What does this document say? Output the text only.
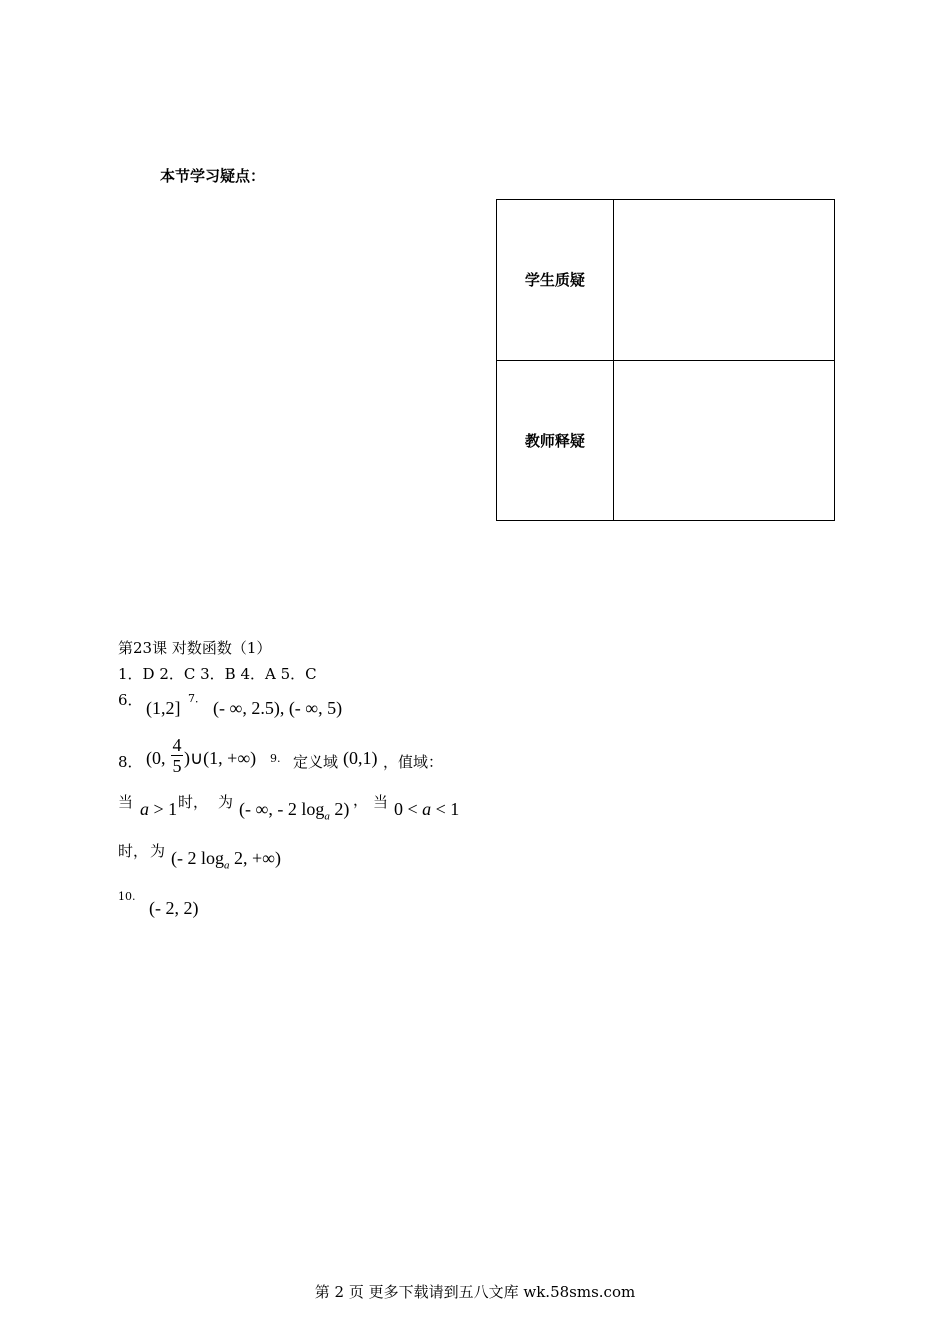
本节学习疑点：
学生质疑	
教师释疑	
第23课 对数函数（1）
1．D 2．C 3．B 4．A 5．C
6． (1,2] 7． (- ∞, 2.5), (- ∞, 5)
8． (0,
4
5 )∪(1, +∞) 9. 定义域 (0,1) ，值域：
当 a > 1 时， 为 (- ∞, - 2 $\log_a 2$) ， 当 0 < a < 1
时， 为 (- 2 $\log_a 2$, +∞)
10.
(- 2, 2)
第 2 页 更多下载请到五八文库 wk.58sms.com
